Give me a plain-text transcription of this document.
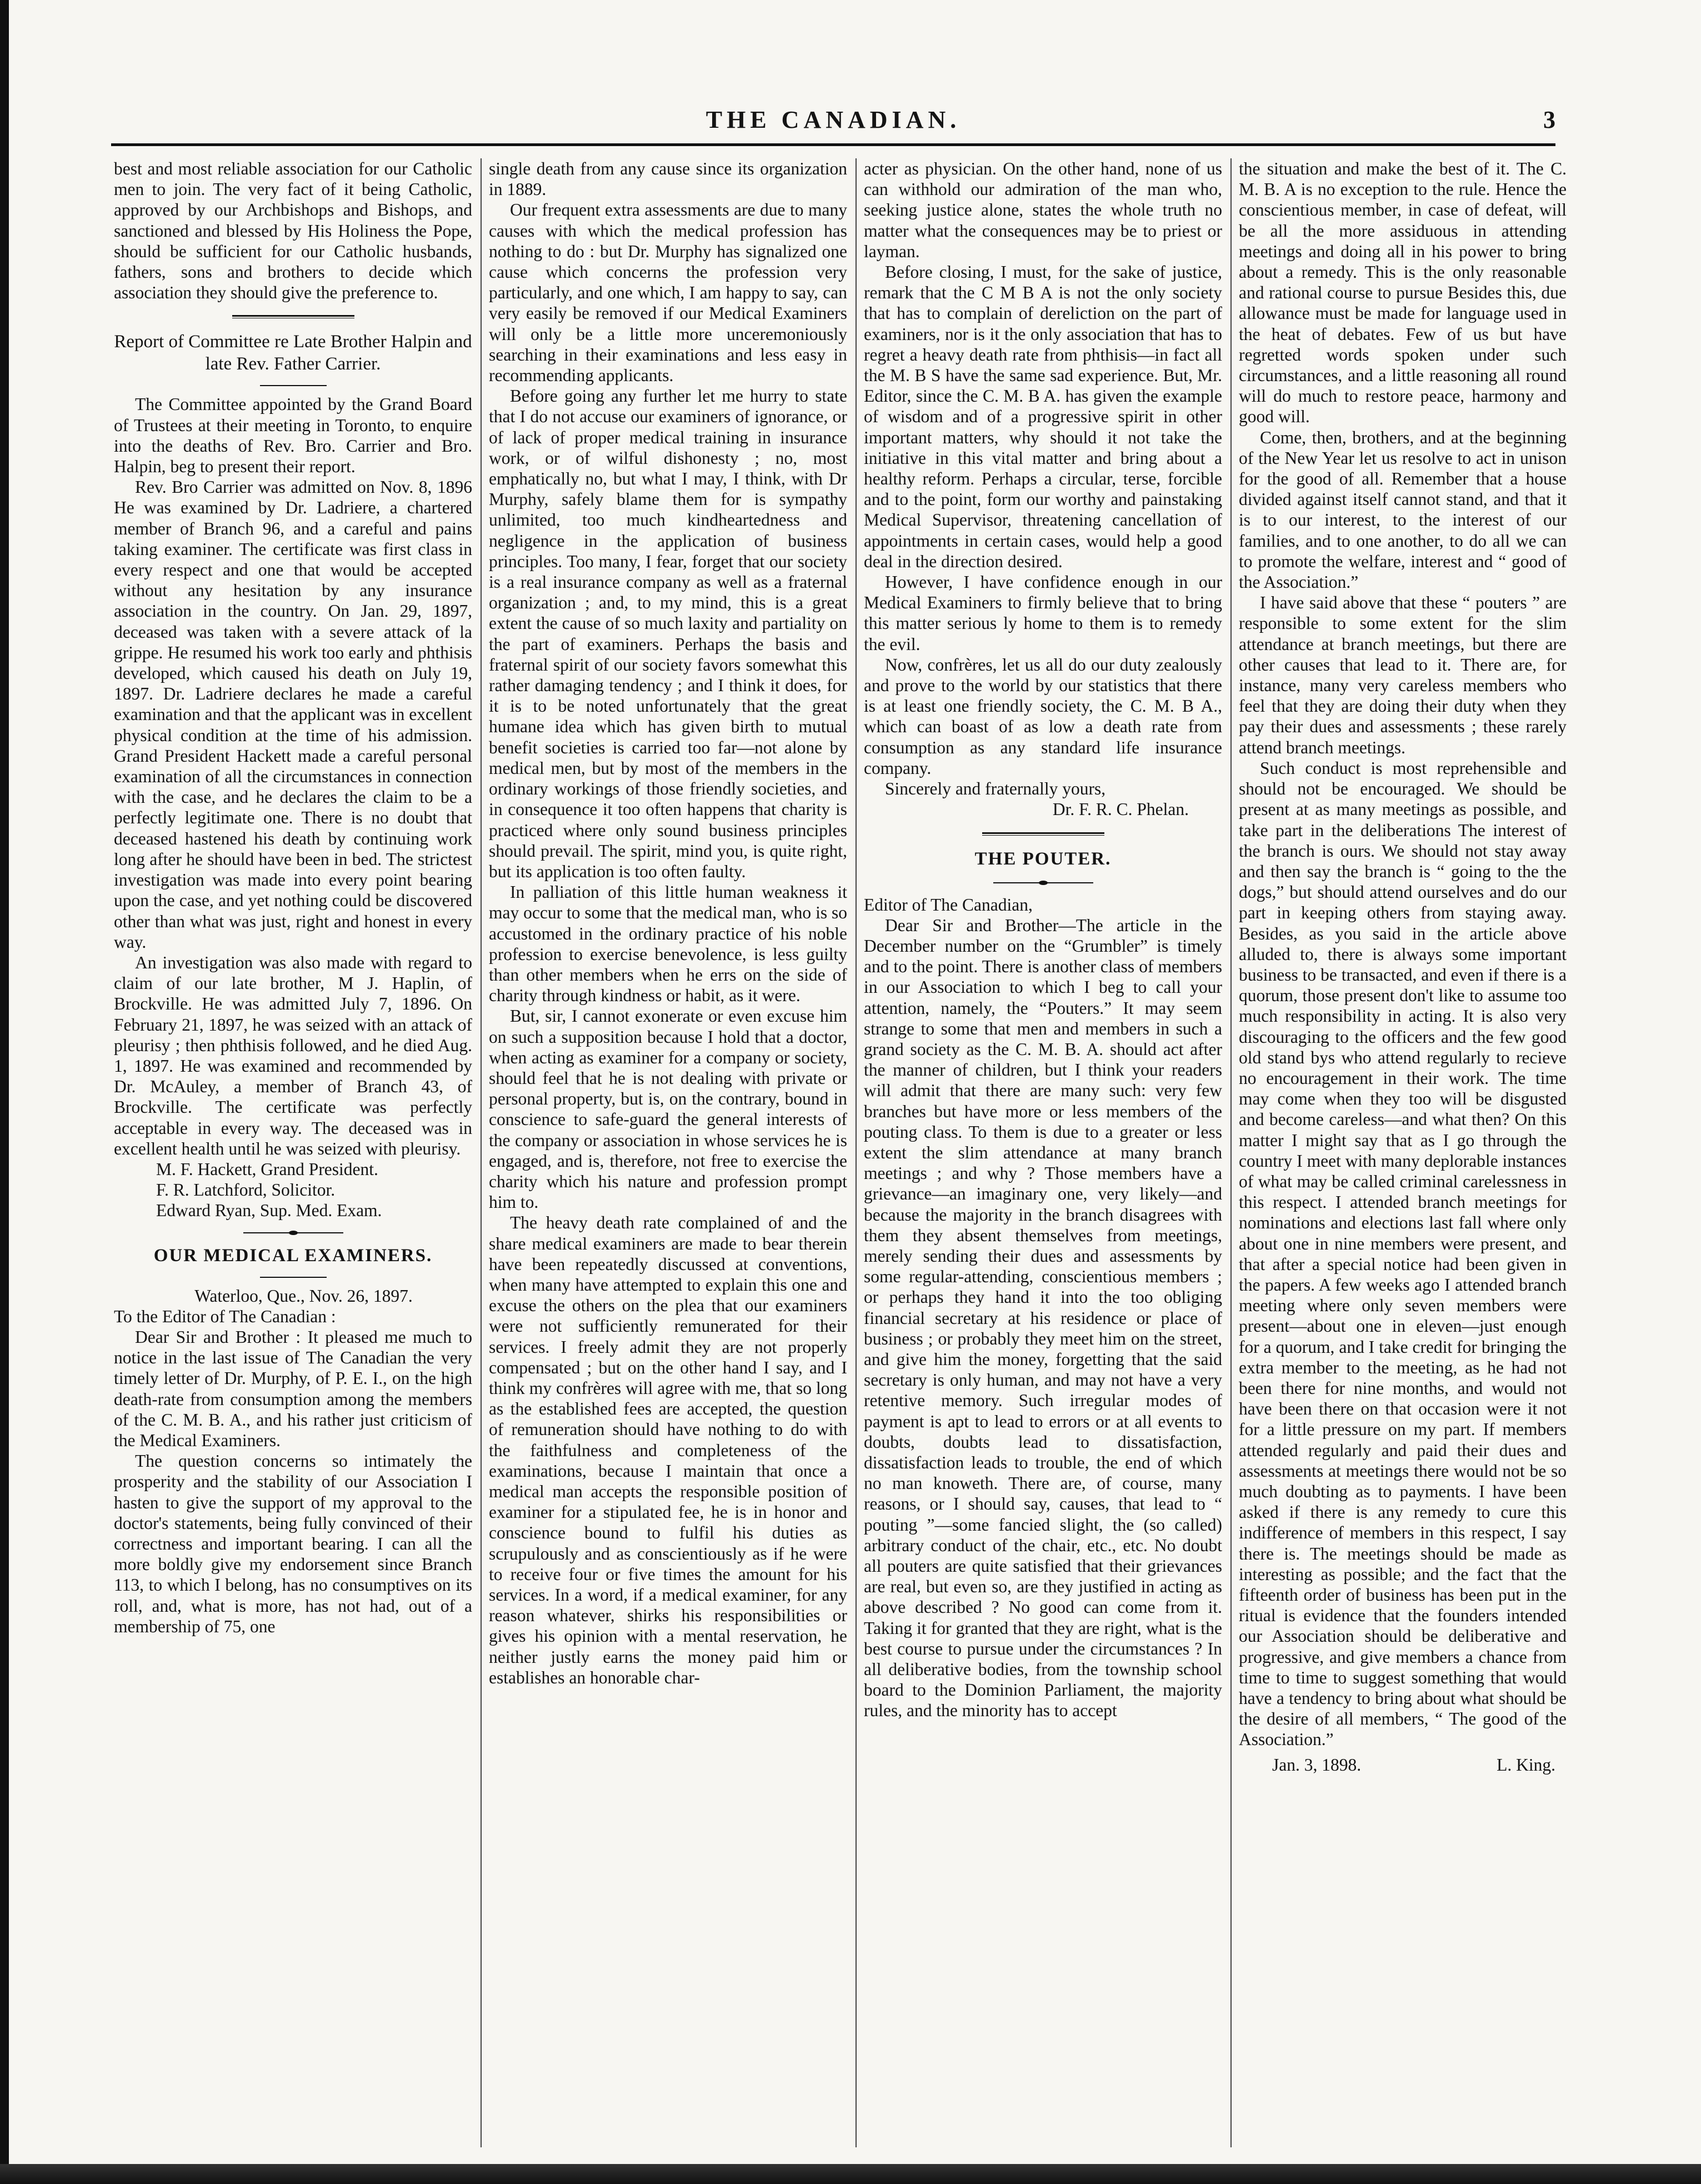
THE CANADIAN.	3

best and most reliable association for our Catholic men to join. The very fact of it being Catholic, approved by our Archbishops and Bishops, and sanctioned and blessed by His Holiness the Pope, should be sufficient for our Catholic husbands, fathers, sons and brothers to decide which association they should give the preference to.

Report of Committee re Late Brother Halpin and late Rev. Father Carrier.

The Committee appointed by the Grand Board of Trustees at their meeting in Toronto, to enquire into the deaths of Rev. Bro. Carrier and Bro. Halpin, beg to present their report.

Rev. Bro Carrier was admitted on Nov. 8, 1896 He was examined by Dr. Ladriere, a chartered member of Branch 96, and a careful and pains taking examiner. The certificate was first class in every respect and one that would be accepted without any hesitation by any insurance association in the country. On Jan. 29, 1897, deceased was taken with a severe attack of la grippe. He resumed his work too early and phthisis developed, which caused his death on July 19, 1897. Dr. Ladriere declares he made a careful examination and that the applicant was in excellent physical condition at the time of his admission. Grand President Hackett made a careful personal examination of all the circumstances in connection with the case, and he declares the claim to be a perfectly legitimate one. There is no doubt that deceased hastened his death by continuing work long after he should have been in bed. The strictest investigation was made into every point bearing upon the case, and yet nothing could be discovered other than what was just, right and honest in every way.

An investigation was also made with regard to claim of our late brother, M J. Haplin, of Brockville. He was admitted July 7, 1896. On February 21, 1897, he was seized with an attack of pleurisy ; then phthisis followed, and he died Aug. 1, 1897. He was examined and recommended by Dr. McAuley, a member of Branch 43, of Brockville. The certificate was perfectly acceptable in every way. The deceased was in excellent health until he was seized with pleurisy.

M. F. Hackett, Grand President.

F. R. Latchford, Solicitor.

Edward Ryan, Sup. Med. Exam.

OUR MEDICAL EXAMINERS.

Waterloo, Que., Nov. 26, 1897.

To the Editor of The Canadian :

Dear Sir and Brother : It pleased me much to notice in the last issue of The Canadian the very timely letter of Dr. Murphy, of P. E. I., on the high death-rate from consumption among the members of the C. M. B. A., and his rather just criticism of the Medical Examiners.

The question concerns so intimately the prosperity and the stability of our Association I hasten to give the support of my approval to the doctor's statements, being fully convinced of their correctness and important bearing. I can all the more boldly give my endorsement since Branch 113, to which I belong, has no consumptives on its roll, and, what is more, has not had, out of a membership of 75, one

single death from any cause since its organization in 1889.

Our frequent extra assessments are due to many causes with which the medical profession has nothing to do : but Dr. Murphy has signalized one cause which concerns the profession very particularly, and one which, I am happy to say, can very easily be removed if our Medical Examiners will only be a little more unceremoniously searching in their examinations and less easy in recommending applicants.

Before going any further let me hurry to state that I do not accuse our examiners of ignorance, or of lack of proper medical training in insurance work, or of wilful dishonesty ; no, most emphatically no, but what I may, I think, with Dr Murphy, safely blame them for is sympathy unlimited, too much kindheartedness and negligence in the application of business principles. Too many, I fear, forget that our society is a real insurance company as well as a fraternal organization ; and, to my mind, this is a great extent the cause of so much laxity and partiality on the part of examiners. Perhaps the basis and fraternal spirit of our society favors somewhat this rather damaging tendency ; and I think it does, for it is to be noted unfortunately that the great humane idea which has given birth to mutual benefit societies is carried too far—not alone by medical men, but by most of the members in the ordinary workings of those friendly societies, and in consequence it too often happens that charity is practiced where only sound business principles should prevail. The spirit, mind you, is quite right, but its application is too often faulty.

In palliation of this little human weakness it may occur to some that the medical man, who is so accustomed in the ordinary practice of his noble profession to exercise benevolence, is less guilty than other members when he errs on the side of charity through kindness or habit, as it were.

But, sir, I cannot exonerate or even excuse him on such a supposition because I hold that a doctor, when acting as examiner for a company or society, should feel that he is not dealing with private or personal property, but is, on the contrary, bound in conscience to safe-guard the general interests of the company or association in whose services he is engaged, and is, therefore, not free to exercise the charity which his nature and profession prompt him to.

The heavy death rate complained of and the share medical examiners are made to bear therein have been repeatedly discussed at conventions, when many have attempted to explain this one and excuse the others on the plea that our examiners were not sufficiently remunerated for their services. I freely admit they are not properly compensated ; but on the other hand I say, and I think my confrères will agree with me, that so long as the established fees are accepted, the question of remuneration should have nothing to do with the faithfulness and completeness of the examinations, because I maintain that once a medical man accepts the responsible position of examiner for a stipulated fee, he is in honor and conscience bound to fulfil his duties as scrupulously and as conscientiously as if he were to receive four or five times the amount for his services. In a word, if a medical examiner, for any reason whatever, shirks his responsibilities or gives his opinion with a mental reservation, he neither justly earns the money paid him or establishes an honorable char-

acter as physician. On the other hand, none of us can withhold our admiration of the man who, seeking justice alone, states the whole truth no matter what the consequences may be to priest or layman.

Before closing, I must, for the sake of justice, remark that the C M B A is not the only society that has to complain of dereliction on the part of examiners, nor is it the only association that has to regret a heavy death rate from phthisis—in fact all the M. B S have the same sad experience. But, Mr. Editor, since the C. M. B A. has given the example of wisdom and of a progressive spirit in other important matters, why should it not take the initiative in this vital matter and bring about a healthy reform. Perhaps a circular, terse, forcible and to the point, form our worthy and painstaking Medical Supervisor, threatening cancellation of appointments in certain cases, would help a good deal in the direction desired.

However, I have confidence enough in our Medical Examiners to firmly believe that to bring this matter serious ly home to them is to remedy the evil.

Now, confrères, let us all do our duty zealously and prove to the world by our statistics that there is at least one friendly society, the C. M. B A., which can boast of as low a death rate from consumption as any standard life insurance company.

Sincerely and fraternally yours,

Dr. F. R. C. Phelan.

THE POUTER.

Editor of The Canadian,

Dear Sir and Brother—The article in the December number on the “Grumbler” is timely and to the point. There is another class of members in our Association to which I beg to call your attention, namely, the “Pouters.” It may seem strange to some that men and members in such a grand society as the C. M. B. A. should act after the manner of children, but I think your readers will admit that there are many such: very few branches but have more or less members of the pouting class. To them is due to a greater or less extent the slim attendance at many branch meetings ; and why ? Those members have a grievance—an imaginary one, very likely—and because the majority in the branch disagrees with them they absent themselves from meetings, merely sending their dues and assessments by some regular-attending, conscientious members ; or perhaps they hand it into the too obliging financial secretary at his residence or place of business ; or probably they meet him on the street, and give him the money, forgetting that the said secretary is only human, and may not have a very retentive memory. Such irregular modes of payment is apt to lead to errors or at all events to doubts, doubts lead to dissatisfaction, dissatisfaction leads to trouble, the end of which no man knoweth. There are, of course, many reasons, or I should say, causes, that lead to “ pouting ”—some fancied slight, the (so called) arbitrary conduct of the chair, etc., etc. No doubt all pouters are quite satisfied that their grievances are real, but even so, are they justified in acting as above described ? No good can come from it. Taking it for granted that they are right, what is the best course to pursue under the circumstances ? In all deliberative bodies, from the township school board to the Dominion Parliament, the majority rules, and the minority has to accept

the situation and make the best of it. The C. M. B. A is no exception to the rule. Hence the conscientious member, in case of defeat, will be all the more assiduous in attending meetings and doing all in his power to bring about a remedy. This is the only reasonable and rational course to pursue Besides this, due allowance must be made for language used in the heat of debates. Few of us but have regretted words spoken under such circumstances, and a little reasoning all round will do much to restore peace, harmony and good will.

Come, then, brothers, and at the beginning of the New Year let us resolve to act in unison for the good of all. Remember that a house divided against itself cannot stand, and that it is to our interest, to the interest of our families, and to one another, to do all we can to promote the welfare, interest and “ good of the Association.”

I have said above that these “ pouters ” are responsible to some extent for the slim attendance at branch meetings, but there are other causes that lead to it. There are, for instance, many very careless members who feel that they are doing their duty when they pay their dues and assessments ; these rarely attend branch meetings.

Such conduct is most reprehensible and should not be encouraged. We should be present at as many meetings as possible, and take part in the deliberations The interest of the branch is ours. We should not stay away and then say the branch is “ going to the the dogs,” but should attend ourselves and do our part in keeping others from staying away. Besides, as you said in the article above alluded to, there is always some important business to be transacted, and even if there is a quorum, those present don't like to assume too much responsibility in acting. It is also very discouraging to the officers and the few good old stand bys who attend regularly to recieve no encouragement in their work. The time may come when they too will be disgusted and become careless—and what then? On this matter I might say that as I go through the country I meet with many deplorable instances of what may be called criminal carelessness in this respect. I attended branch meetings for nominations and elections last fall where only about one in nine members were present, and that after a special notice had been given in the papers. A few weeks ago I attended branch meeting where only seven members were present—about one in eleven—just enough for a quorum, and I take credit for bringing the extra member to the meeting, as he had not been there for nine months, and would not have been there on that occasion were it not for a little pressure on my part. If members attended regularly and paid their dues and assessments at meetings there would not be so much doubting as to payments. I have been asked if there is any remedy to cure this indifference of members in this respect, I say there is. The meetings should be made as interesting as possible; and the fact that the fifteenth order of business has been put in the ritual is evidence that the founders intended our Association should be deliberative and progressive, and give members a chance from time to time to suggest something that would have a tendency to bring about what should be the desire of all members, “ The good of the Association.”

Jan. 3, 1898.	L. King.
